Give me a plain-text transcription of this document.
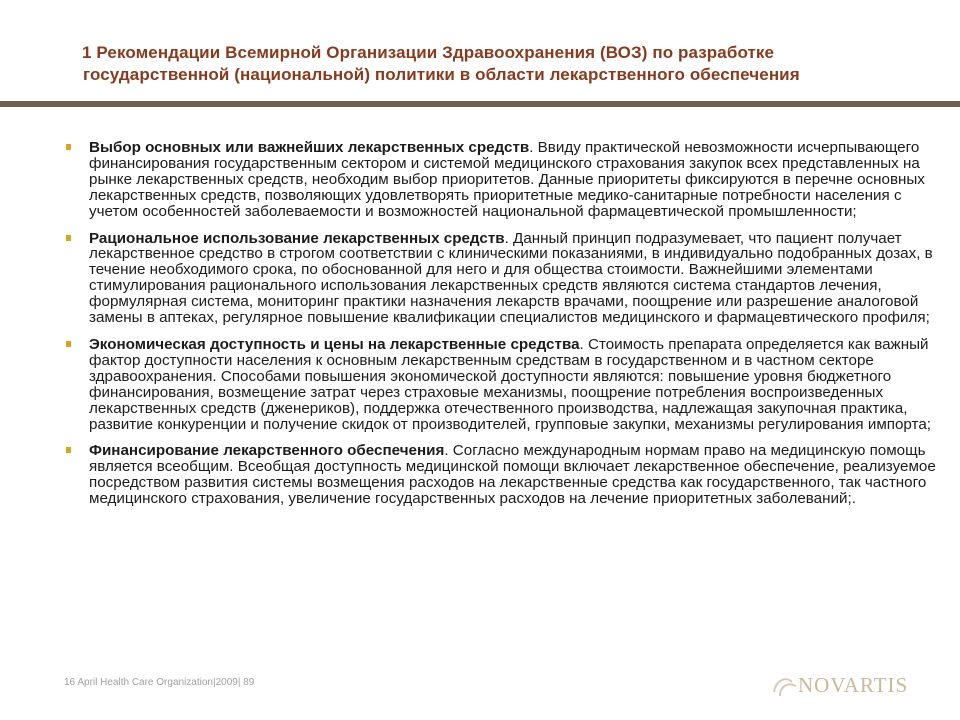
1 Рекомендации Всемирной Организации Здравоохранения (ВОЗ) по разработке
государственной (национальной) политики в области лекарственного обеспечения
Выбор основных или важнейших лекарственных средств. Ввиду практической невозможности исчерпывающего финансирования государственным сектором и системой медицинского страхования закупок всех представленных на рынке лекарственных средств, необходим выбор приоритетов. Данные приоритеты фиксируются в перечне основных лекарственных средств, позволяющих удовлетворять приоритетные медико-санитарные потребности населения с учетом особенностей заболеваемости и возможностей национальной фармацевтической промышленности;
Рациональное использование лекарственных средств. Данный принцип подразумевает, что пациент получает лекарственное средство в строгом соответствии с клиническими показаниями, в индивидуально подобранных дозах, в течение необходимого срока, по обоснованной для него и для общества стоимости. Важнейшими элементами стимулирования рационального использования лекарственных средств являются система стандартов лечения, формулярная система, мониторинг практики назначения лекарств врачами, поощрение или разрешение аналоговой замены в аптеках, регулярное повышение квалификации специалистов медицинского и фармацевтического профиля;
Экономическая доступность и цены на лекарственные средства. Стоимость препарата определяется как важный фактор доступности населения к основным лекарственным средствам в государственном и в частном секторе здравоохранения. Способами повышения экономической доступности являются: повышение уровня бюджетного финансирования, возмещение затрат через страховые механизмы, поощрение потребления воспроизведенных лекарственных средств (дженериков), поддержка отечественного производства, надлежащая закупочная практика, развитие конкуренции и получение скидок от производителей, групповые закупки, механизмы регулирования импорта;
Финансирование лекарственного обеспечения. Согласно международным нормам право на медицинскую помощь является всеобщим. Всеобщая доступность медицинской помощи включает лекарственное обеспечение, реализуемое посредством развития системы возмещения расходов на лекарственные средства как государственного, так частного медицинского страхования, увеличение государственных расходов на лечение приоритетных заболеваний;.
16 April Health Care Organization|2009| 89	NOVARTIS
